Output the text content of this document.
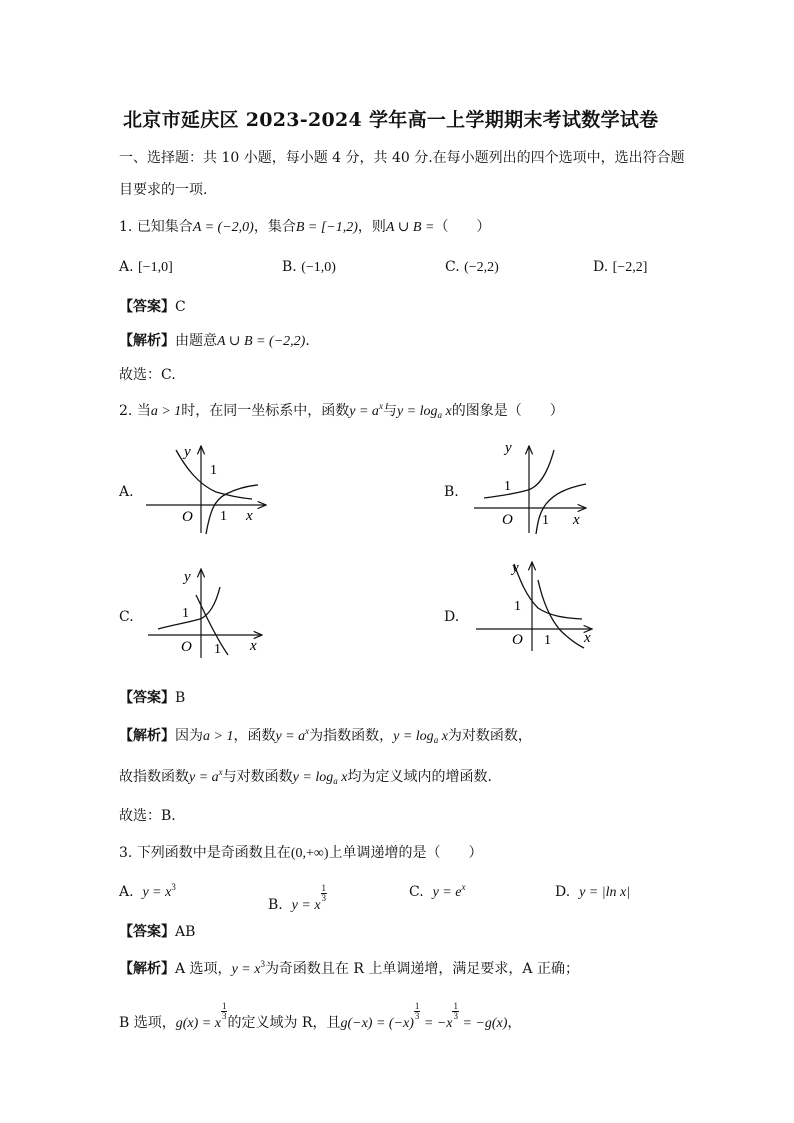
北京市延庆区 2023-2024 学年高一上学期期末考试数学试卷
一、选择题：共 10 小题，每小题 4 分，共 40 分.在每小题列出的四个选项中，选出符合题
目要求的一项.
1. 已知集合A = (−2,0)，集合B = [−1,2)，则A ∪ B =（　　）
A. [−1,0]	B. (−1,0)	C. (−2,2)	D. [−2,2]
【答案】C
【解析】由题意A ∪ B = (−2,2).
故选：C.
2. 当a > 1时，在同一坐标系中，函数$y = a^x$与$y = \log_a x$的图象是（　　）
A.	B.
C.	D.
y
x
O
1
1
y
x
O
1
1
y
x
O
1
1
y
x
O
1
1
【答案】B
【解析】因为a > 1，函数$y = a^x$为指数函数，$y = \log_a x$为对数函数，
故指数函数$y = a^x$与对数函数$y = \log_a x$均为定义域内的增函数.
故选：B.
3. 下列函数中是奇函数且在(0,+∞)上单调递增的是（　　）
A. $y = x^3$
B. y = x
$\frac{1}{3}$	C. $y = e^x$	D. y = |ln x|
【答案】AB
【解析】A 选项，$y = x^3$为奇函数且在 R 上单调递增，满足要求，A 正确；
B 选项，g(x) = x
$\frac{1}{3}$
的定义域为 R，且g(−x) = (−x)
$\frac{1}{3}$
= −x
$\frac{1}{3}$
= −g(x)，
